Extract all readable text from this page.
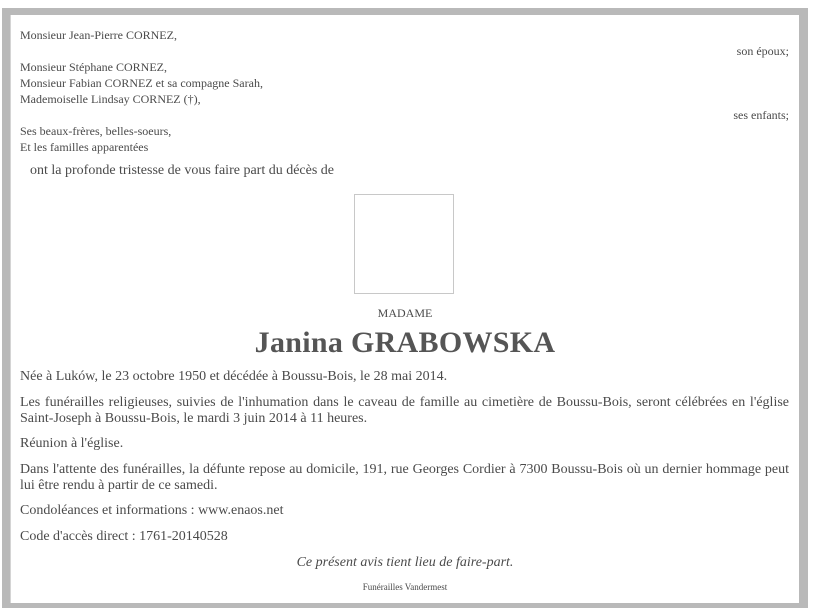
Monsieur Jean-Pierre CORNEZ,
son époux;
Monsieur Stéphane CORNEZ,
Monsieur Fabian CORNEZ et sa compagne Sarah,
Mademoiselle Lindsay CORNEZ (†),
ses enfants;
Ses beaux-frères, belles-soeurs,
Et les familles apparentées
ont la profonde tristesse de vous faire part du décès de
MADAME
Janina GRABOWSKA
Née à Luków, le 23 octobre 1950 et décédée à Boussu-Bois, le 28 mai 2014.
Les funérailles religieuses, suivies de l'inhumation dans le caveau de famille au cimetière de Boussu-Bois, seront célébrées en l'église Saint-Joseph à Boussu-Bois, le mardi 3 juin 2014 à 11 heures.
Réunion à l'église.
Dans l'attente des funérailles, la défunte repose au domicile, 191, rue Georges Cordier à 7300 Boussu-Bois où un dernier hommage peut lui être rendu à partir de ce samedi.
Condoléances et informations : www.enaos.net
Code d'accès direct : 1761-20140528
Ce présent avis tient lieu de faire-part.
Funérailles Vandermest
